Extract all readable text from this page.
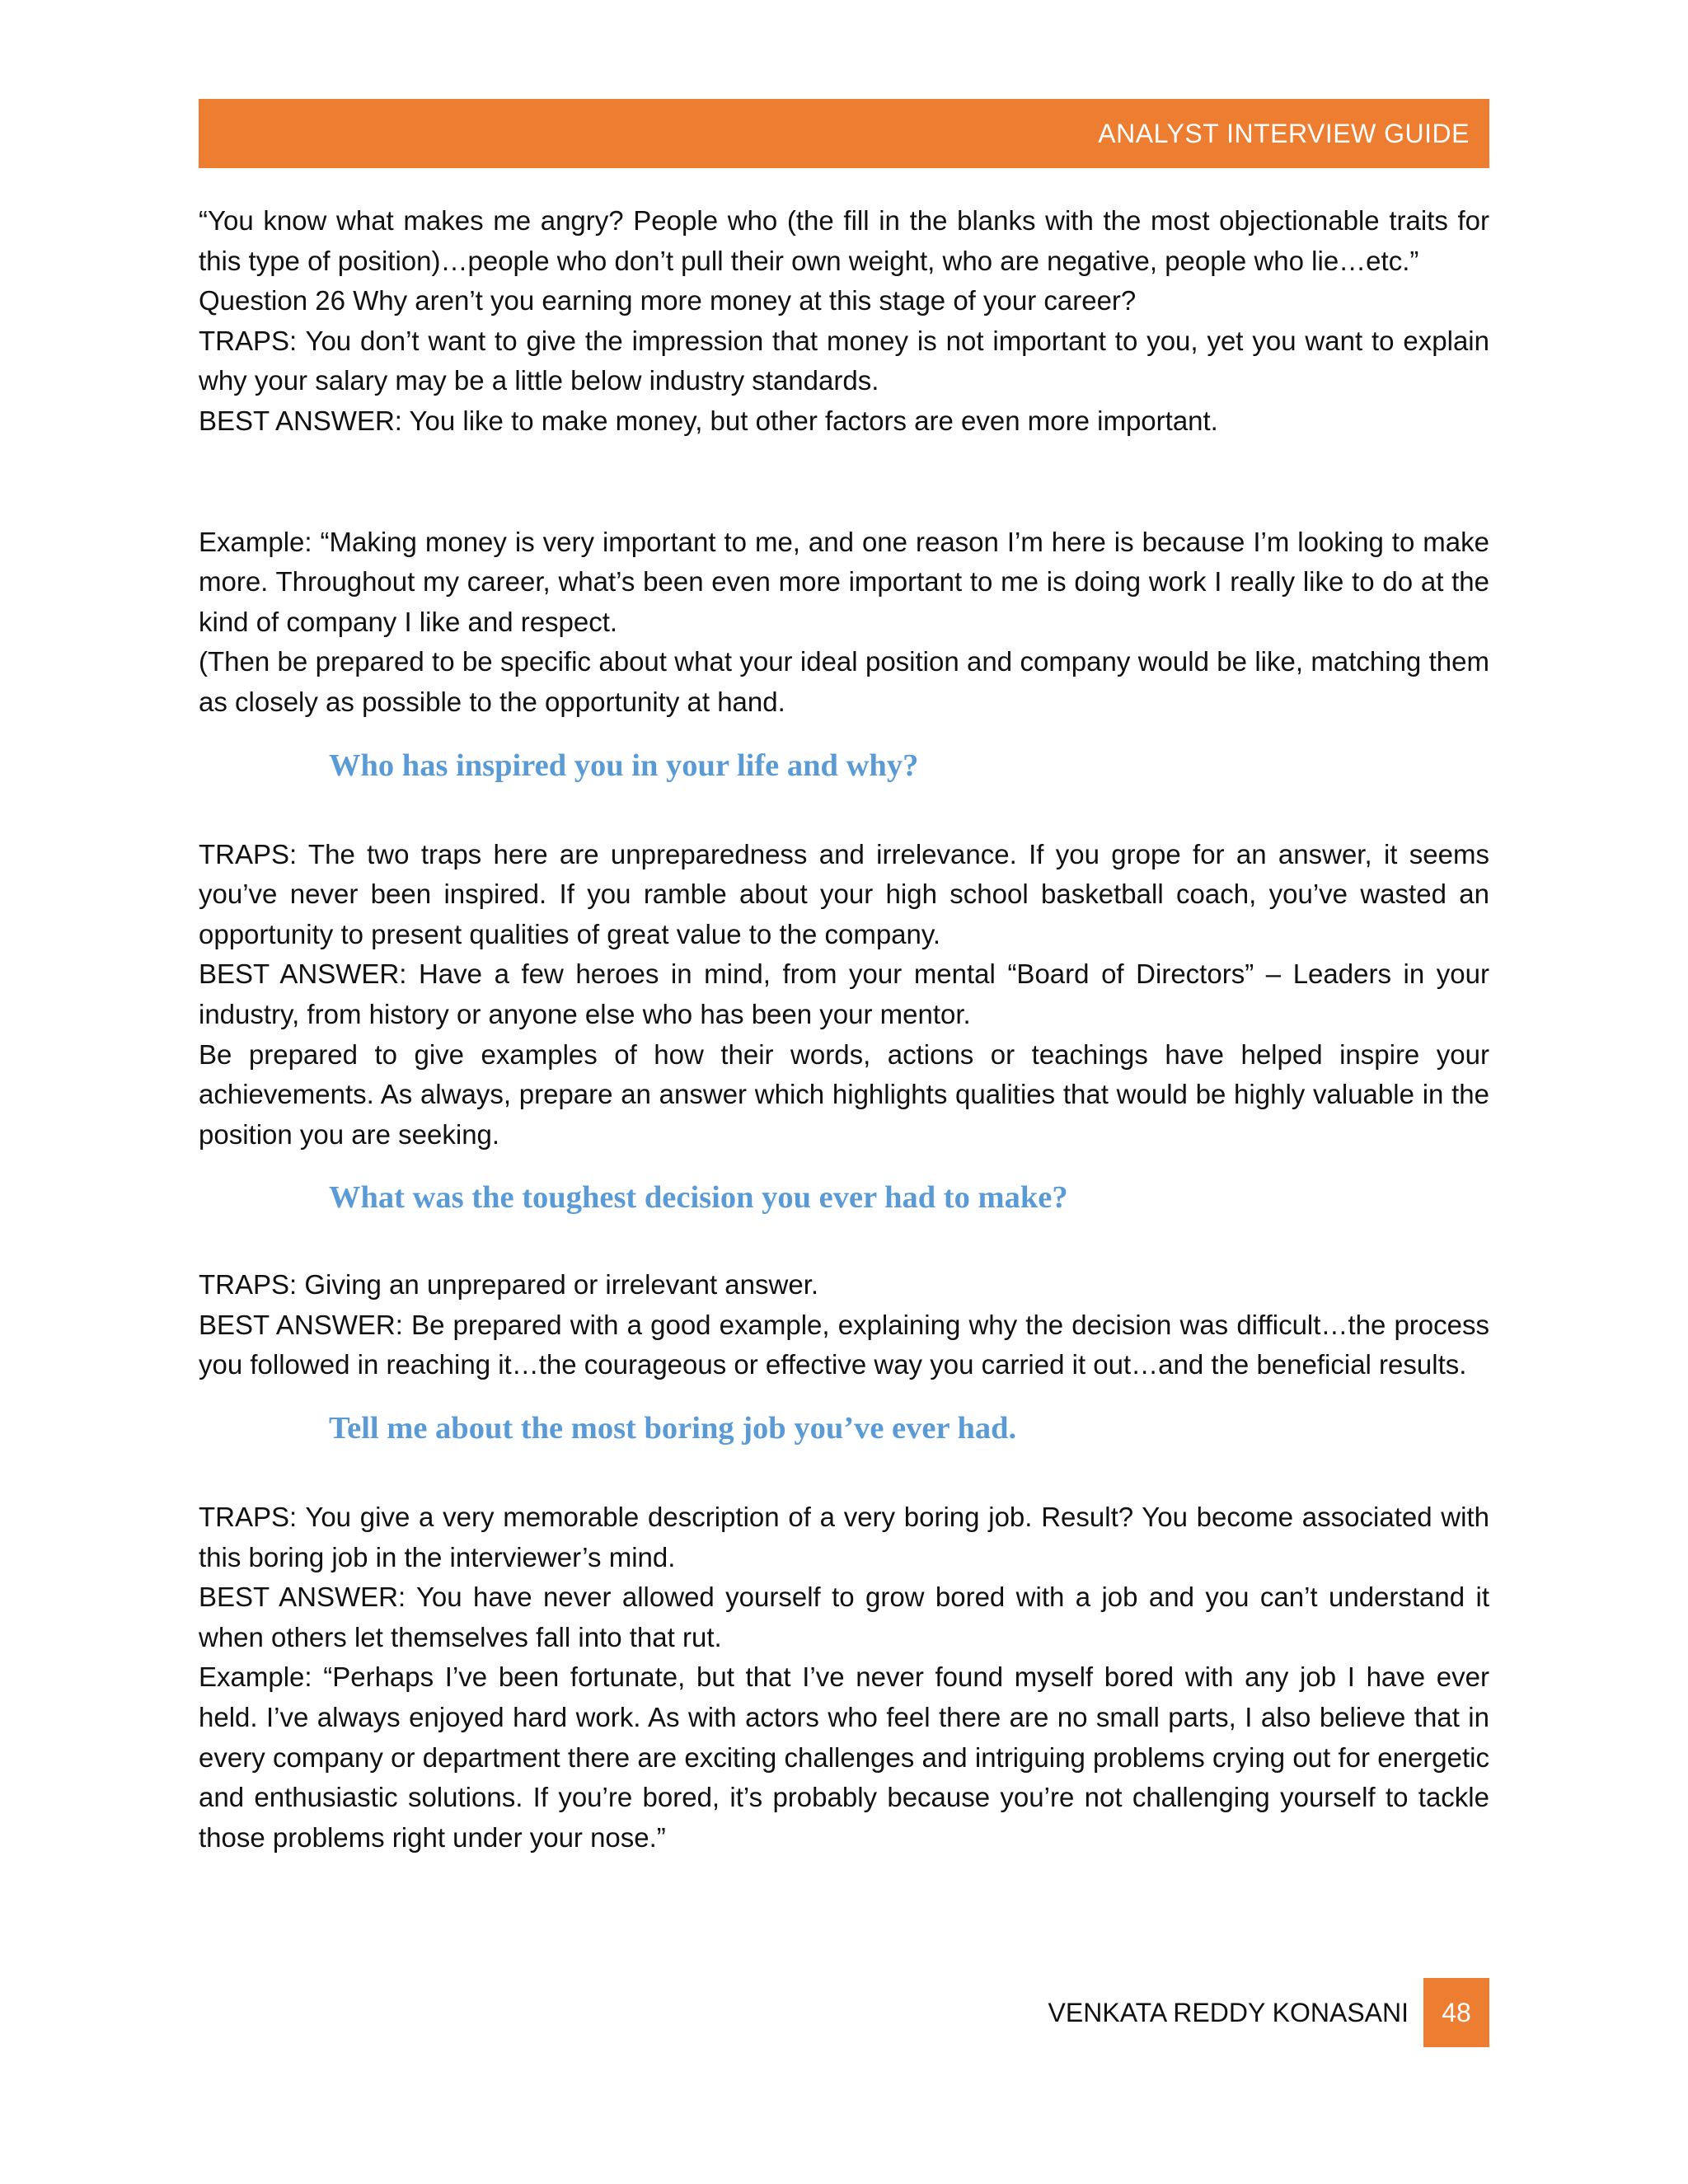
ANALYST INTERVIEW GUIDE

“You know what makes me angry? People who (the fill in the blanks with the most objectionable traits for this type of position)…people who don’t pull their own weight, who are negative, people who lie…etc.”

Question 26 Why aren’t you earning more money at this stage of your career?

TRAPS: You don’t want to give the impression that money is not important to you, yet you want to explain why your salary may be a little below industry standards.

BEST ANSWER: You like to make money, but other factors are even more important.

Example: “Making money is very important to me, and one reason I’m here is because I’m looking to make more. Throughout my career, what’s been even more important to me is doing work I really like to do at the kind of company I like and respect.

(Then be prepared to be specific about what your ideal position and company would be like, matching them as closely as possible to the opportunity at hand.

Who has inspired you in your life and why?

TRAPS: The two traps here are unpreparedness and irrelevance. If you grope for an answer, it seems you’ve never been inspired. If you ramble about your high school basketball coach, you’ve wasted an opportunity to present qualities of great value to the company.

BEST ANSWER: Have a few heroes in mind, from your mental “Board of Directors” – Leaders in your industry, from history or anyone else who has been your mentor.

Be prepared to give examples of how their words, actions or teachings have helped inspire your achievements. As always, prepare an answer which highlights qualities that would be highly valuable in the position you are seeking.

What was the toughest decision you ever had to make?

TRAPS: Giving an unprepared or irrelevant answer.

BEST ANSWER: Be prepared with a good example, explaining why the decision was difficult…the process you followed in reaching it…the courageous or effective way you carried it out…and the beneficial results.

Tell me about the most boring job you’ve ever had.

TRAPS: You give a very memorable description of a very boring job. Result? You become associated with this boring job in the interviewer’s mind.

BEST ANSWER: You have never allowed yourself to grow bored with a job and you can’t understand it when others let themselves fall into that rut.

Example: “Perhaps I’ve been fortunate, but that I’ve never found myself bored with any job I have ever held. I’ve always enjoyed hard work. As with actors who feel there are no small parts, I also believe that in every company or department there are exciting challenges and intriguing problems crying out for energetic and enthusiastic solutions. If you’re bored, it’s probably because you’re not challenging yourself to tackle those problems right under your nose.”

VENKATA REDDY KONASANI	48
